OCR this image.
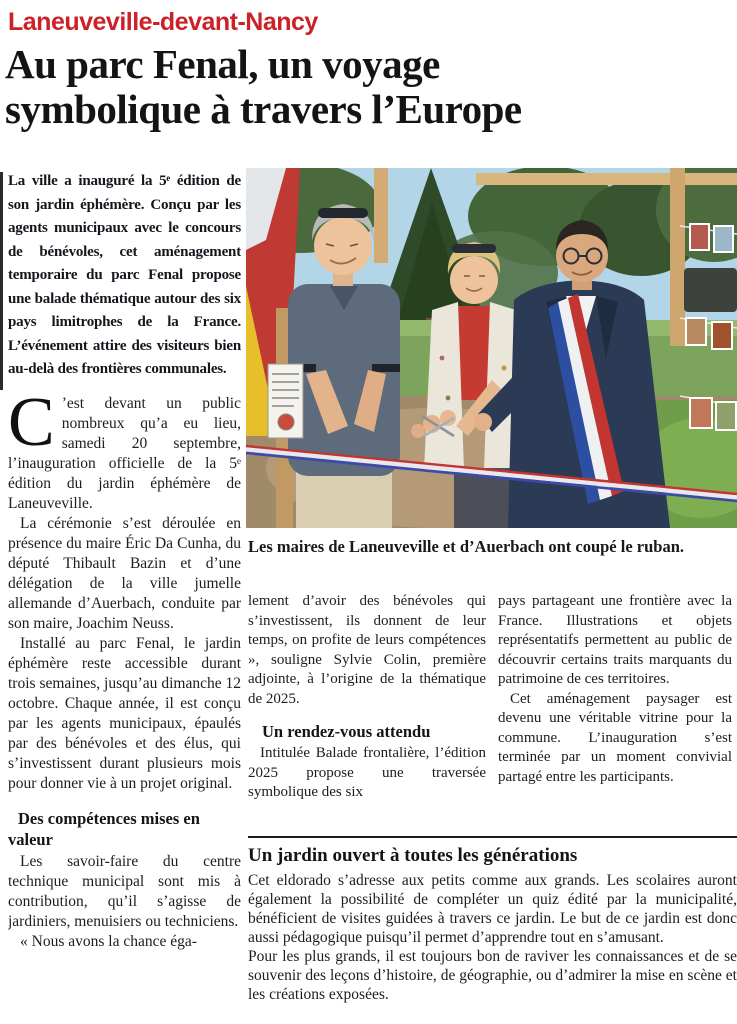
Laneuveville-devant-Nancy
Au parc Fenal, un voyage symbolique à travers l’Europe

La ville a inauguré la 5ᵉ édition de son jardin éphémère. Conçu par les agents municipaux avec le concours de bénévoles, cet aménagement temporaire du parc Fenal propose une balade thématique autour des six pays limitrophes de la France. L’événement attire des visiteurs bien au-delà des frontières communales.

C ’est devant un public nombreux qu’a eu lieu, samedi 20 septembre, l’inauguration officielle de la 5ᵉ édition du jardin éphémère de Laneuveville.

La cérémonie s’est déroulée en présence du maire Éric Da Cunha, du député Thibault Bazin et d’une délégation de la ville jumelle allemande d’Auerbach, conduite par son maire, Joachim Neuss.

Installé au parc Fenal, le jardin éphémère reste accessible durant trois semaines, jusqu’au dimanche 12 octobre. Chaque année, il est conçu par les agents municipaux, épaulés par des bénévoles et des élus, qui s’investissent durant plusieurs mois pour donner vie à un projet original.

Des compétences mises en valeur

Les savoir-faire du centre technique municipal sont mis à contribution, qu’il s’agisse de jardiniers, menuisiers ou techniciens.

« Nous avons la chance éga-

Les maires de Laneuveville et d’Auerbach ont coupé le ruban.

lement d’avoir des bénévoles qui s’investissent, ils donnent de leur temps, on profite de leurs compétences », souligne Sylvie Colin, première adjointe, à l’origine de la thématique de 2025.

Un rendez-vous attendu

Intitulée Balade frontalière, l’édition 2025 propose une traversée symbolique des six

pays partageant une frontière avec la France. Illustrations et objets représentatifs permettent au public de découvrir certains traits marquants du patrimoine de ces territoires.

Cet aménagement paysager est devenu une véritable vitrine pour la commune. L’inauguration s’est terminée par un moment convivial partagé entre les participants.

Un jardin ouvert à toutes les générations

Cet eldorado s’adresse aux petits comme aux grands. Les scolaires auront également la possibilité de compléter un quiz édité par la municipalité, bénéficient de visites guidées à travers ce jardin. Le but de ce jardin est donc aussi pédagogique puisqu’il permet d’apprendre tout en s’amusant.

Pour les plus grands, il est toujours bon de raviver les connaissances et de se souvenir des leçons d’histoire, de géographie, ou d’admirer la mise en scène et les créations exposées.
